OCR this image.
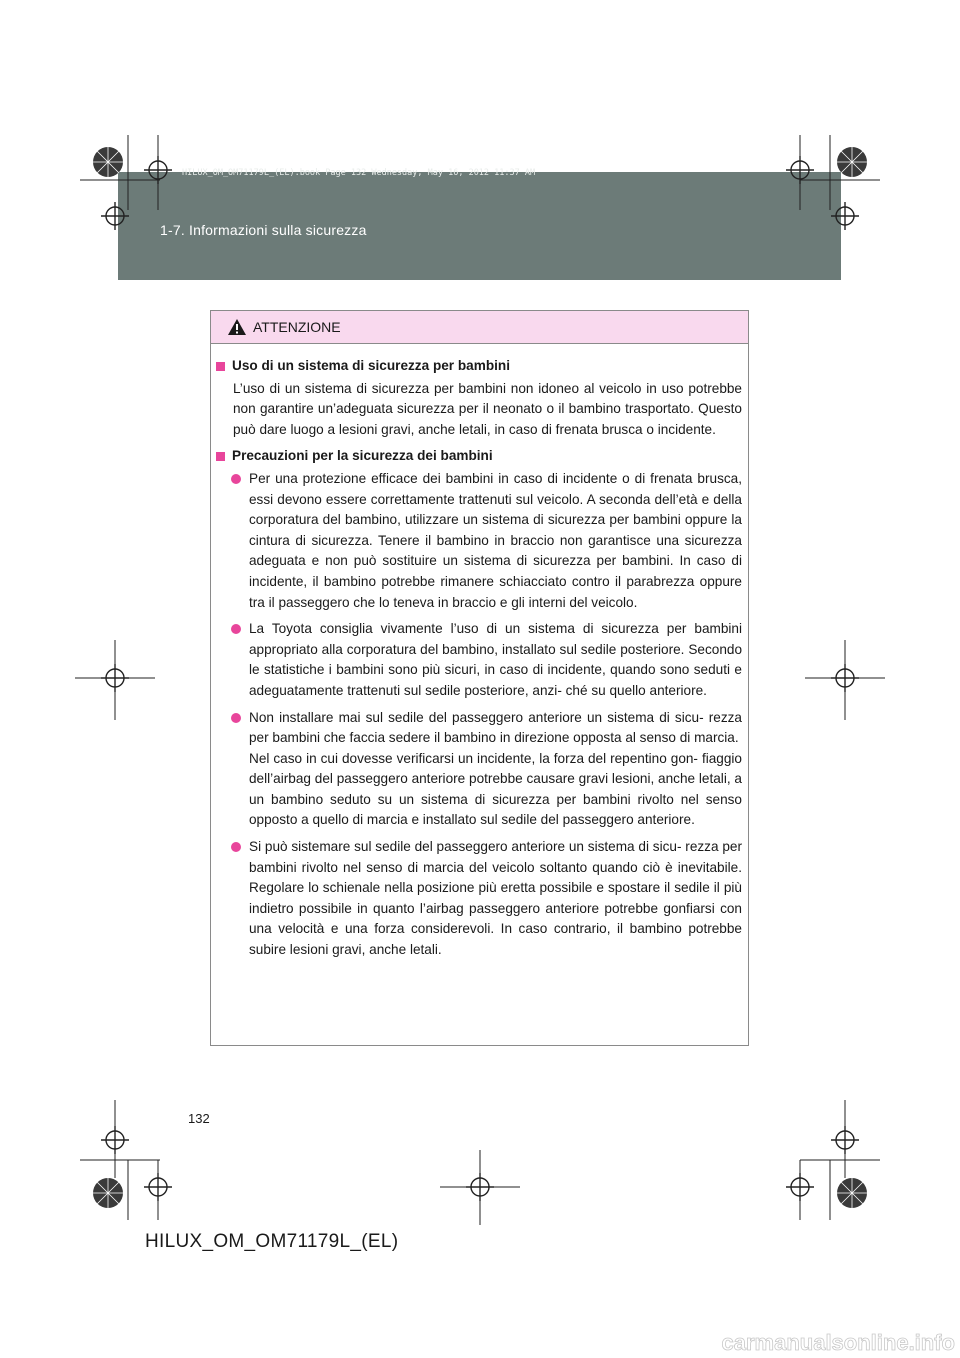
1-7. Informazioni sulla sicurezza
HILUX_OM_OM71179L_(EL).book Page 132 Wednesday, May 16, 2012 11:37 AM
ATTENZIONE
Uso di un sistema di sicurezza per bambini
L’uso di un sistema di sicurezza per bambini non idoneo al veicolo in uso potrebbe non garantire un’adeguata sicurezza per il neonato o il bambino trasportato. Questo può dare luogo a lesioni gravi, anche letali, in caso di frenata brusca o incidente.
Precauzioni per la sicurezza dei bambini
Per una protezione efficace dei bambini in caso di incidente o di frenata brusca, essi devono essere correttamente trattenuti sul veicolo. A seconda dell’età e della corporatura del bambino, utilizzare un sistema di sicurezza per bambini oppure la cintura di sicurezza. Tenere il bambino in braccio non garantisce una sicurezza adeguata e non può sostituire un sistema di sicurezza per bambini. In caso di incidente, il bambino potrebbe rimanere schiacciato contro il parabrezza oppure tra il passeggero che lo teneva in braccio e gli interni del veicolo.
La Toyota consiglia vivamente l’uso di un sistema di sicurezza per bambini appropriato alla corporatura del bambino, installato sul sedile posteriore. Secondo le statistiche i bambini sono più sicuri, in caso di incidente, quando sono seduti e adeguatamente trattenuti sul sedile posteriore, anzi- ché su quello anteriore.
Non installare mai sul sedile del passeggero anteriore un sistema di sicu- rezza per bambini che faccia sedere il bambino in direzione opposta al senso di marcia.
Nel caso in cui dovesse verificarsi un incidente, la forza del repentino gon- fiaggio dell’airbag del passeggero anteriore potrebbe causare gravi lesioni, anche letali, a un bambino seduto su un sistema di sicurezza per bambini rivolto nel senso opposto a quello di marcia e installato sul sedile del passeggero anteriore.
Si può sistemare sul sedile del passeggero anteriore un sistema di sicu- rezza per bambini rivolto nel senso di marcia del veicolo soltanto quando ciò è inevitabile. Regolare lo schienale nella posizione più eretta possibile e spostare il sedile il più indietro possibile in quanto l’airbag passeggero anteriore potrebbe gonfiarsi con una velocità e una forza considerevoli. In caso contrario, il bambino potrebbe subire lesioni gravi, anche letali.
132
HILUX_OM_OM71179L_(EL)
carmanualsonline.info
